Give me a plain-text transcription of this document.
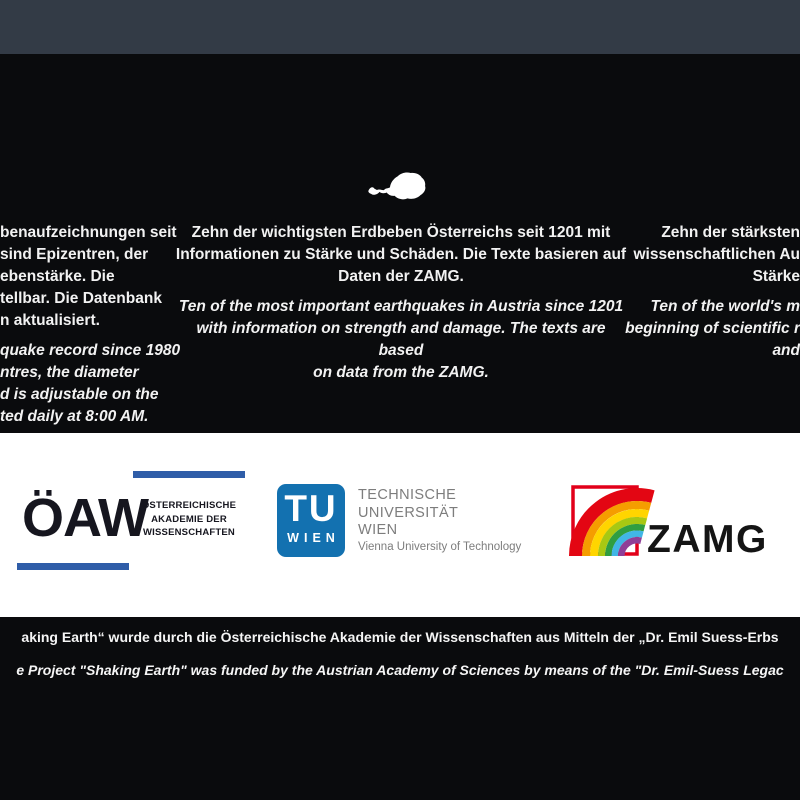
benaufzeichnungen seit
sind Epizentren, der
ebenstärke. Die
tellbar. Die Datenbank
n aktualisiert.
quake record since 1980
ntres, the diameter
d is adjustable on the
ted daily at 8:00 AM.
Zehn der wichtigsten Erdbeben Österreichs seit 1201 mit
Informationen zu Stärke und Schäden. Die Texte basieren auf
Daten der ZAMG.
Ten of the most important earthquakes in Austria since 1201
with information on strength and damage. The texts are based
on data from the ZAMG.
Zehn der stärksten
wissenschaftlichen Au
Stärke
Ten of the world's m
beginning of scientific r
and
ÖAW
ÖSTERREICHISCHE
AKADEMIE DER
WISSENSCHAFTEN
TU
WIEN
TECHNISCHE
UNIVERSITÄT
WIEN
Vienna University of Technology	ZAMG
aking Earth“ wurde durch die Österreichische Akademie der Wissenschaften aus Mitteln der „Dr. Emil Suess-Erbs
e Project "Shaking Earth" was funded by the Austrian Academy of Sciences by means of the "Dr. Emil-Suess Legac
